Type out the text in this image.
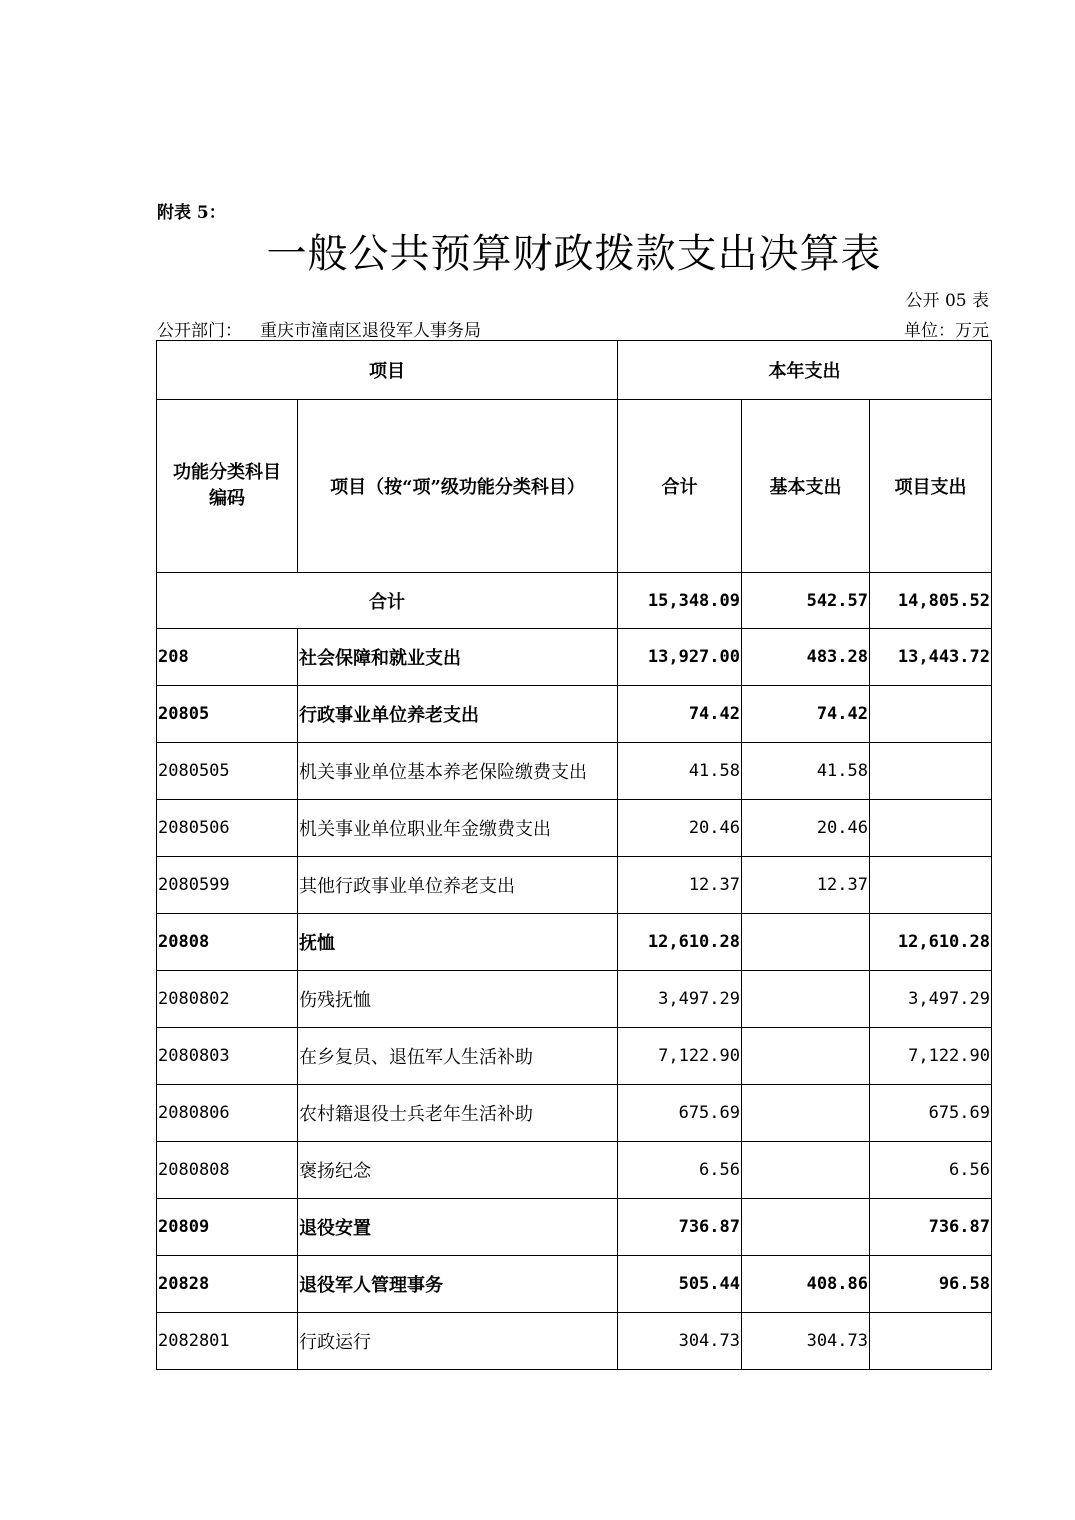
附表 5：
一般公共预算财政拨款支出决算表
公开 05 表
公开部门： 重庆市潼南区退役军人事务局	单位：万元
项目		本年支出		
功能分类科目编码	项目（按“项”级功能分类科目）	合计	基本支出	项目支出
合计		15,348.09	542.57	14,805.52
208	社会保障和就业支出	13,927.00	483.28	13,443.72
20805	行政事业单位养老支出	74.42	74.42	
2080505	机关事业单位基本养老保险缴费支出	41.58	41.58	
2080506	机关事业单位职业年金缴费支出	20.46	20.46	
2080599	其他行政事业单位养老支出	12.37	12.37	
20808	抚恤	12,610.28		12,610.28
2080802	伤残抚恤	3,497.29		3,497.29
2080803	在乡复员、退伍军人生活补助	7,122.90		7,122.90
2080806	农村籍退役士兵老年生活补助	675.69		675.69
2080808	褒扬纪念	6.56		6.56
20809	退役安置	736.87		736.87
20828	退役军人管理事务	505.44	408.86	96.58
2082801	行政运行	304.73	304.73	
